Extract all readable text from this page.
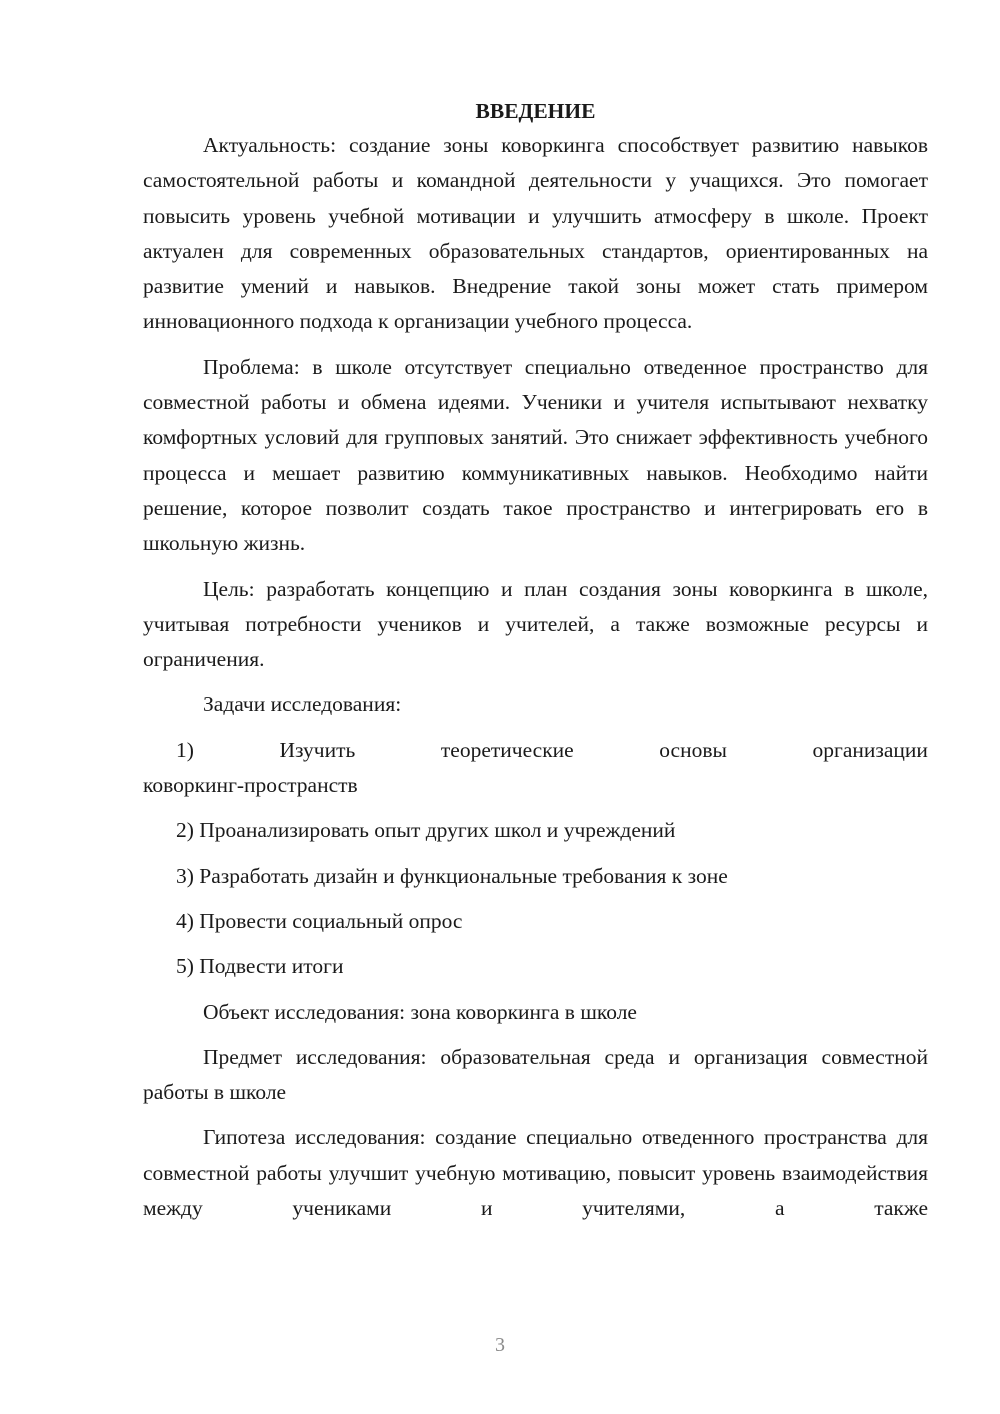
ВВЕДЕНИЕ

Актуальность: создание зоны коворкинга способствует развитию навыков самостоятельной работы и командной деятельности у учащихся. Это помогает повысить уровень учебной мотивации и улучшить атмосферу в школе. Проект актуален для современных образовательных стандартов, ориентированных на развитие умений и навыков. Внедрение такой зоны может стать примером инновационного подхода к организации учебного процесса.

Проблема: в школе отсутствует специально отведенное пространство для совместной работы и обмена идеями. Ученики и учителя испытывают нехватку комфортных условий для групповых занятий. Это снижает эффективность учебного процесса и мешает развитию коммуникативных навыков. Необходимо найти решение, которое позволит создать такое пространство и интегрировать его в школьную жизнь.

Цель: разработать концепцию и план создания зоны коворкинга в школе, учитывая потребности учеников и учителей, а также возможные ресурсы и ограничения.

Задачи исследования:

1)	Изучить	теоретические	основы	организации
коворкинг-пространств

2) Проанализировать опыт других школ и учреждений

3) Разработать дизайн и функциональные требования к зоне

4) Провести социальный опрос

5) Подвести итоги

Объект исследования: зона коворкинга в школе

Предмет исследования: образовательная среда и организация совместной работы в школе

Гипотеза исследования: создание специально отведенного пространства для совместной работы улучшит учебную мотивацию, повысит уровень взаимодействия между учениками и учителями, а также

3
